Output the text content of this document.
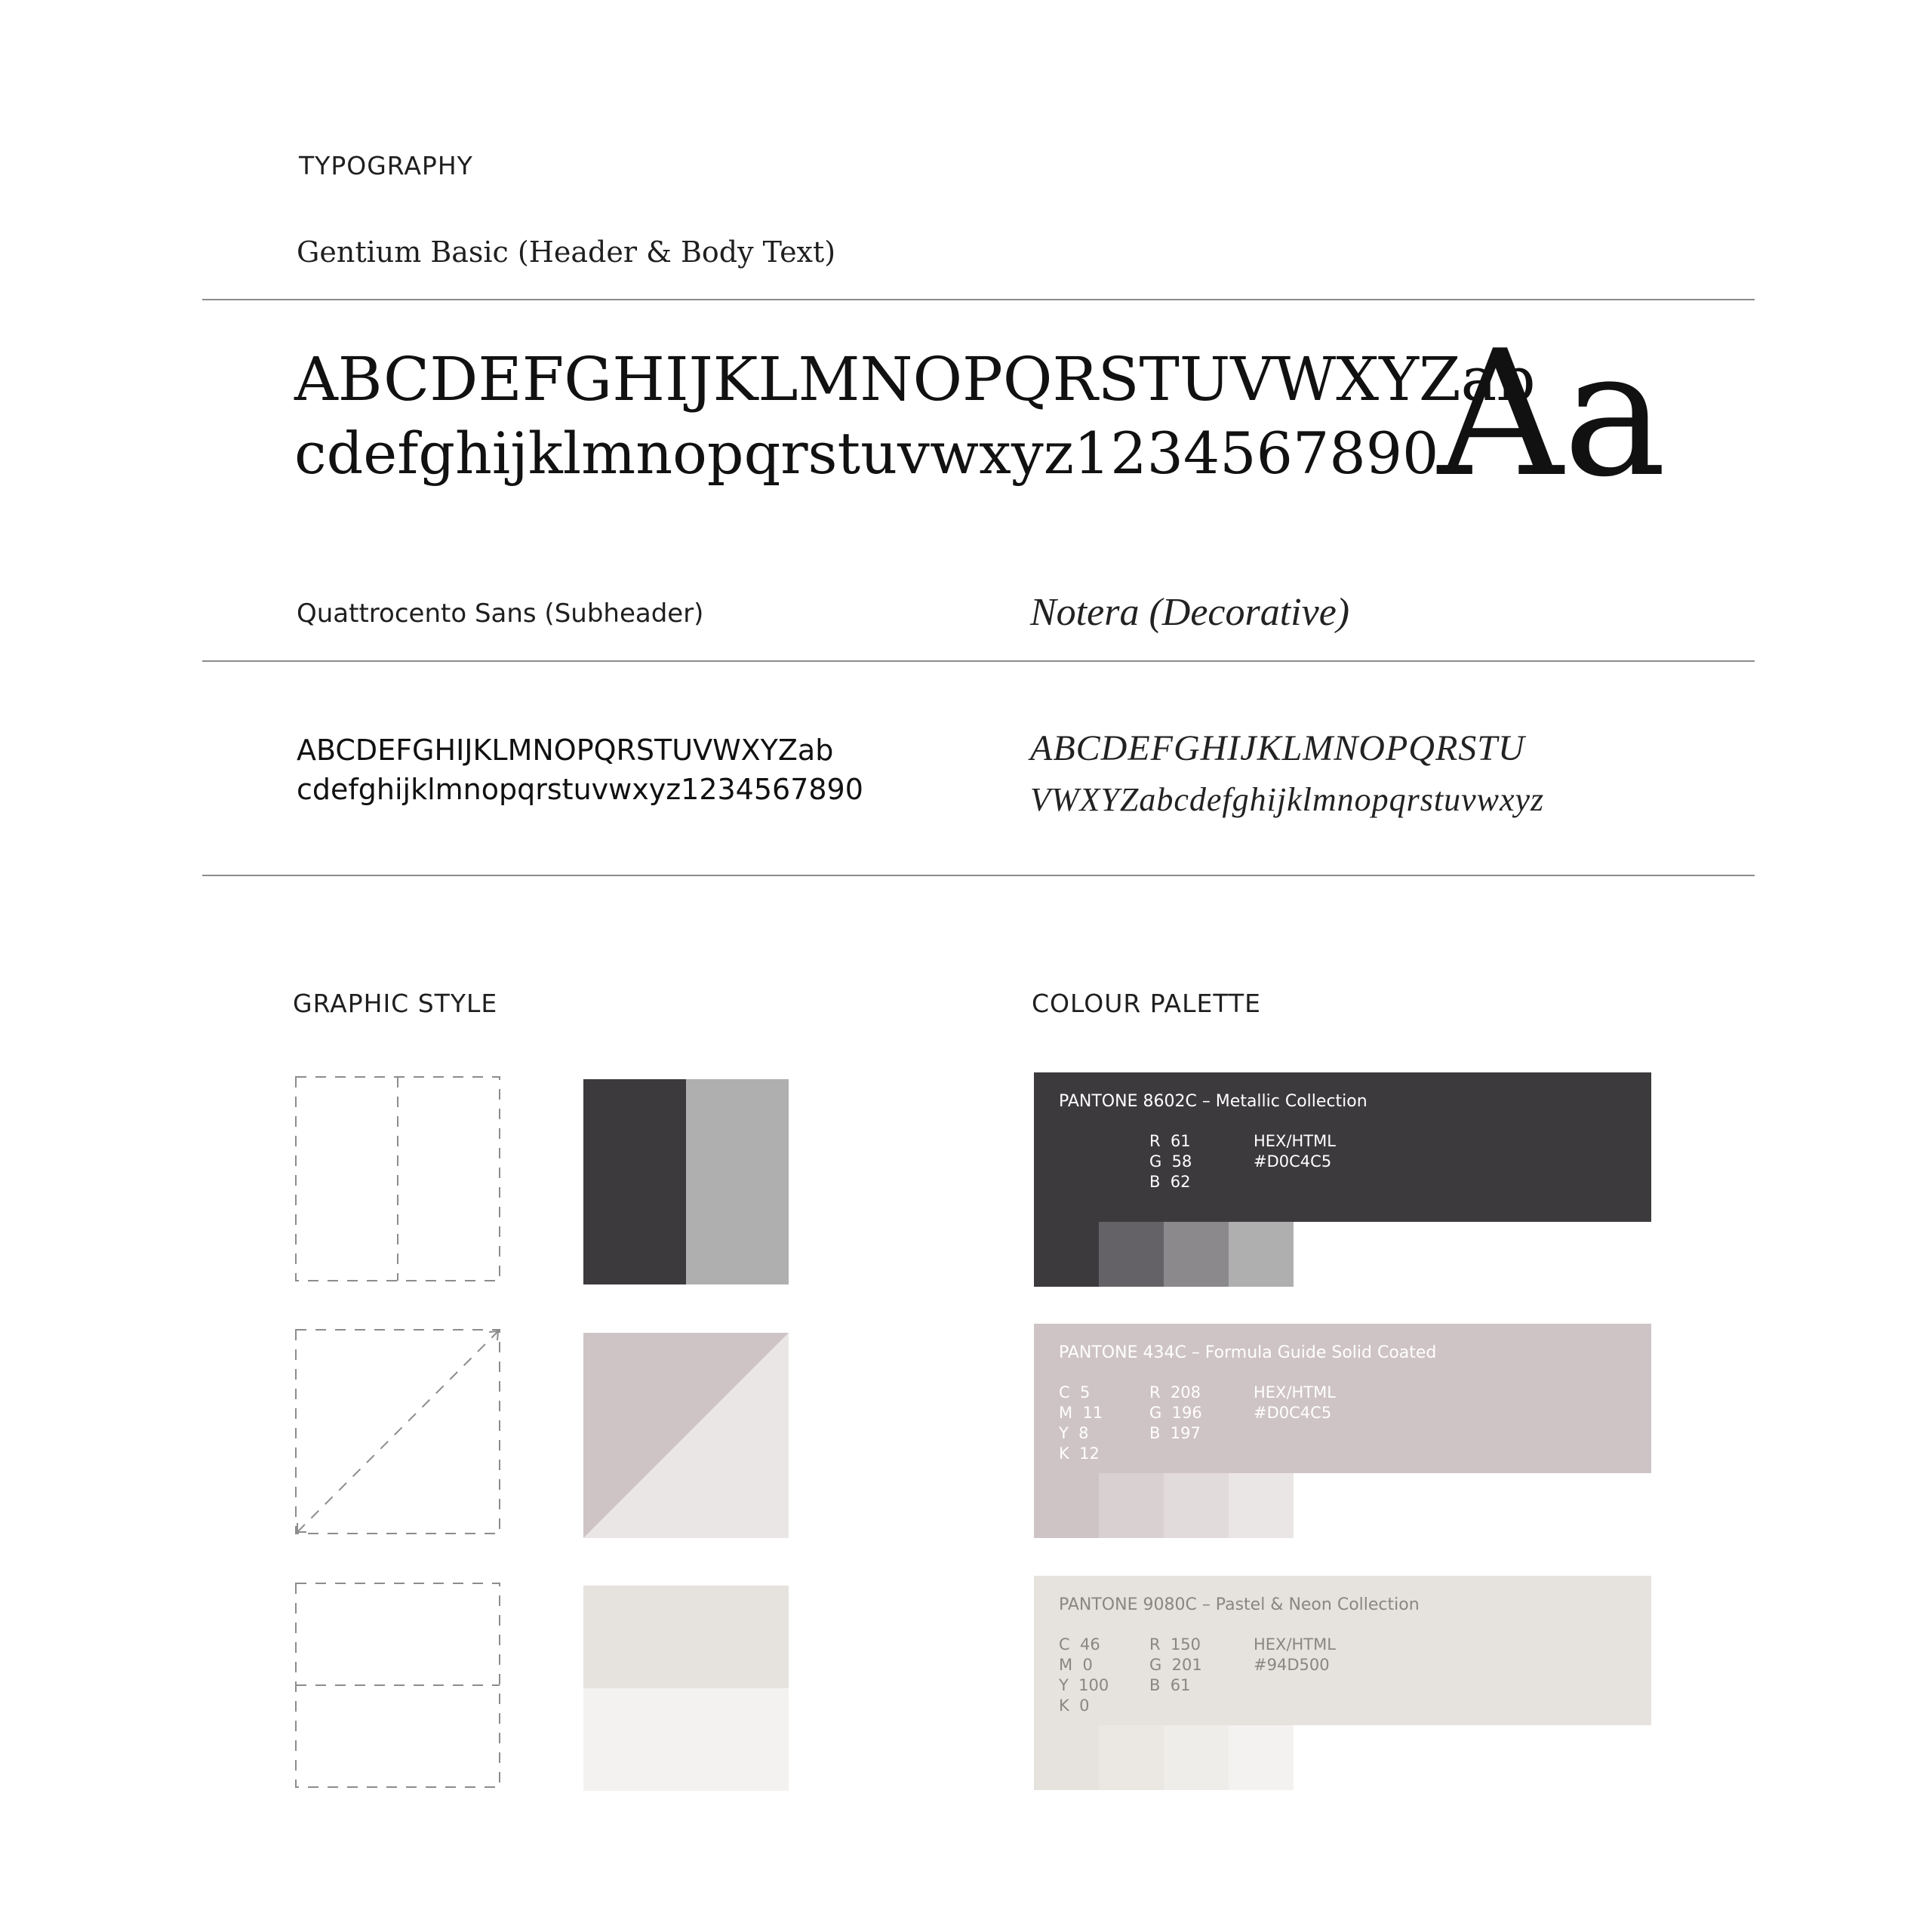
TYPOGRAPHY
Gentium Basic (Header & Body Text)
ABCDEFGHIJKLMNOPQRSTUVWXYZab
cdefghijklmnopqrstuvwxyz1234567890
Aa
Quattrocento Sans (Subheader)	Notera (Decorative)
ABCDEFGHIJKLMNOPQRSTUVWXYZab
cdefghijklmnopqrstuvwxyz1234567890
ABCDEFGHIJKLMNOPQRSTU
VWXYZabcdefghijklmnopqrstuvwxyz
GRAPHIC STYLE	COLOUR PALETTE
PANTONE 8602C – Metallic Collection
R  61
G  58
B  62
HEX/HTML
#D0C4C5
PANTONE 434C – Formula Guide Solid Coated
C  5
M  11
Y  8
K  12
R  208
G  196
B  197
HEX/HTML
#D0C4C5
PANTONE 9080C – Pastel & Neon Collection
C  46
M  0
Y  100
K  0
R  150
G  201
B  61
HEX/HTML
#94D500
